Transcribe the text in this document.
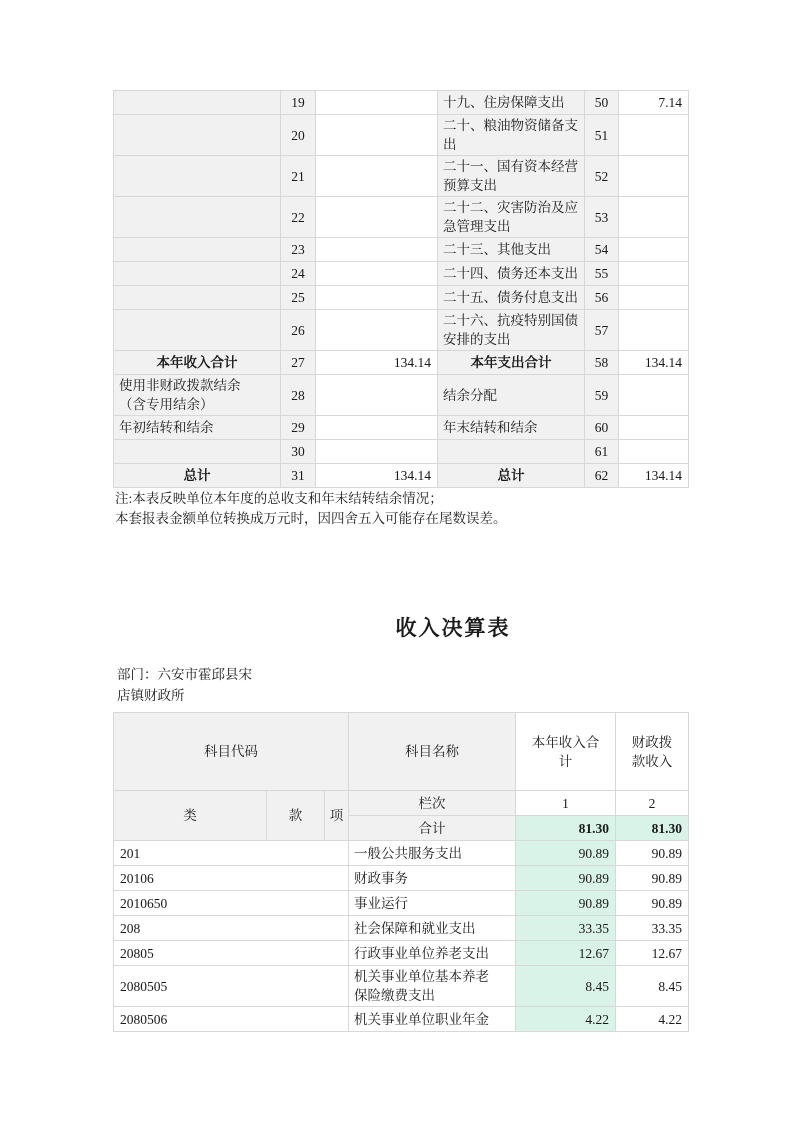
	19		十九、住房保障支出	50	7.14
	20		二十、粮油物资储备支出	51	
	21		二十一、国有资本经营预算支出	52	
	22		二十二、灾害防治及应急管理支出	53	
	23		二十三、其他支出	54	
	24		二十四、债务还本支出	55	
	25		二十五、债务付息支出	56	
	26		二十六、抗疫特别国债安排的支出	57	
本年收入合计	27	134.14	本年支出合计	58	134.14
使用非财政拨款结余（含专用结余）	28		结余分配	59	
年初结转和结余	29		年末结转和结余	60	
	30			61	
总计	31	134.14	总计	62	134.14
注:本表反映单位本年度的总收支和年末结转结余情况；
本套报表金额单位转换成万元时，因四舍五入可能存在尾数误差。
收入决算表
部门：六安市霍邱县宋店镇财政所
科目代码			科目名称	本年收入合计	财政拨款收入
类	款	项	栏次	1	2
			合计	81.30	81.30
201			一般公共服务支出	90.89	90.89
20106			财政事务	90.89	90.89
2010650			事业运行	90.89	90.89
208			社会保障和就业支出	33.35	33.35
20805			行政事业单位养老支出	12.67	12.67
2080505			机关事业单位基本养老保险缴费支出	8.45	8.45
2080506			机关事业单位职业年金	4.22	4.22
